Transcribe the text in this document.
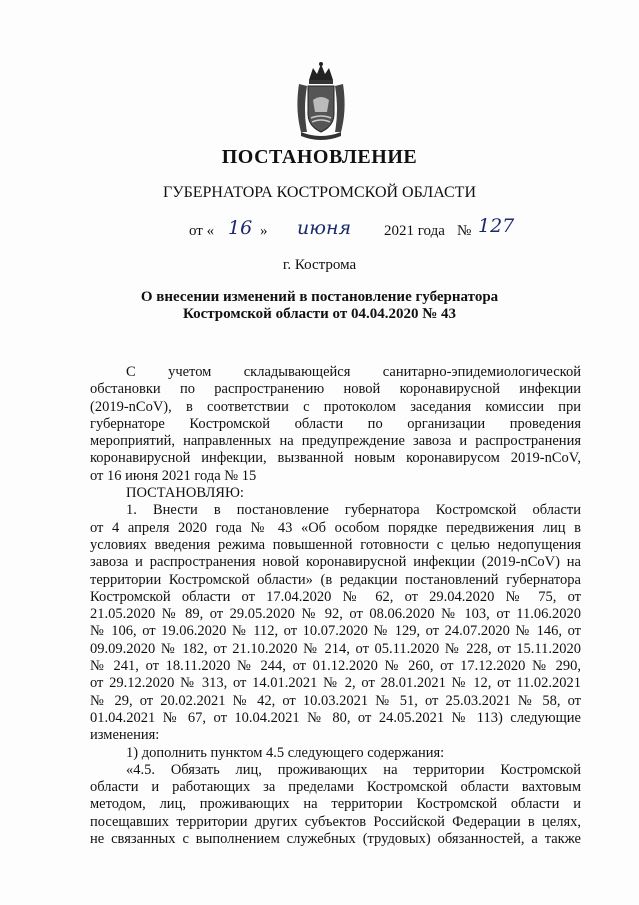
ПОСТАНОВЛЕНИЕ
ГУБЕРНАТОРА КОСТРОМСКОЙ ОБЛАСТИ
от « 16 » июня 2021 года № 127
г. Кострома
О внесении изменений в постановление губернатора
Костромской области от 04.04.2020 № 43
С учетом складывающейся санитарно-эпидемиологической
обстановки по распространению новой коронавирусной инфекции
(2019-nCoV), в соответствии с протоколом заседания комиссии при
губернаторе Костромской области по организации проведения
мероприятий, направленных на предупреждение завоза и распространения
коронавирусной инфекции, вызванной новым коронавирусом 2019-nCoV,
от 16 июня 2021 года № 15
ПОСТАНОВЛЯЮ:
1. Внести в постановление губернатора Костромской области
от 4 апреля 2020 года № 43 «Об особом порядке передвижения лиц в
условиях введения режима повышенной готовности с целью недопущения
завоза и распространения новой коронавирусной инфекции (2019-nCoV) на
территории Костромской области» (в редакции постановлений губернатора
Костромской области от 17.04.2020 № 62, от 29.04.2020 № 75, от
21.05.2020 № 89, от 29.05.2020 № 92, от 08.06.2020 № 103, от 11.06.2020
№ 106, от 19.06.2020 № 112, от 10.07.2020 № 129, от 24.07.2020 № 146, от
09.09.2020 № 182, от 21.10.2020 № 214, от 05.11.2020 № 228, от 15.11.2020
№ 241, от 18.11.2020 № 244, от 01.12.2020 № 260, от 17.12.2020 № 290,
от 29.12.2020 № 313, от 14.01.2021 № 2, от 28.01.2021 № 12, от 11.02.2021
№ 29, от 20.02.2021 № 42, от 10.03.2021 № 51, от 25.03.2021 № 58, от
01.04.2021 № 67, от 10.04.2021 № 80, от 24.05.2021 № 113) следующие
изменения:
1) дополнить пунктом 4.5 следующего содержания:
«4.5. Обязать лиц, проживающих на территории Костромской
области и работающих за пределами Костромской области вахтовым
методом, лиц, проживающих на территории Костромской области и
посещавших территории других субъектов Российской Федерации в целях,
не связанных с выполнением служебных (трудовых) обязанностей, а также
